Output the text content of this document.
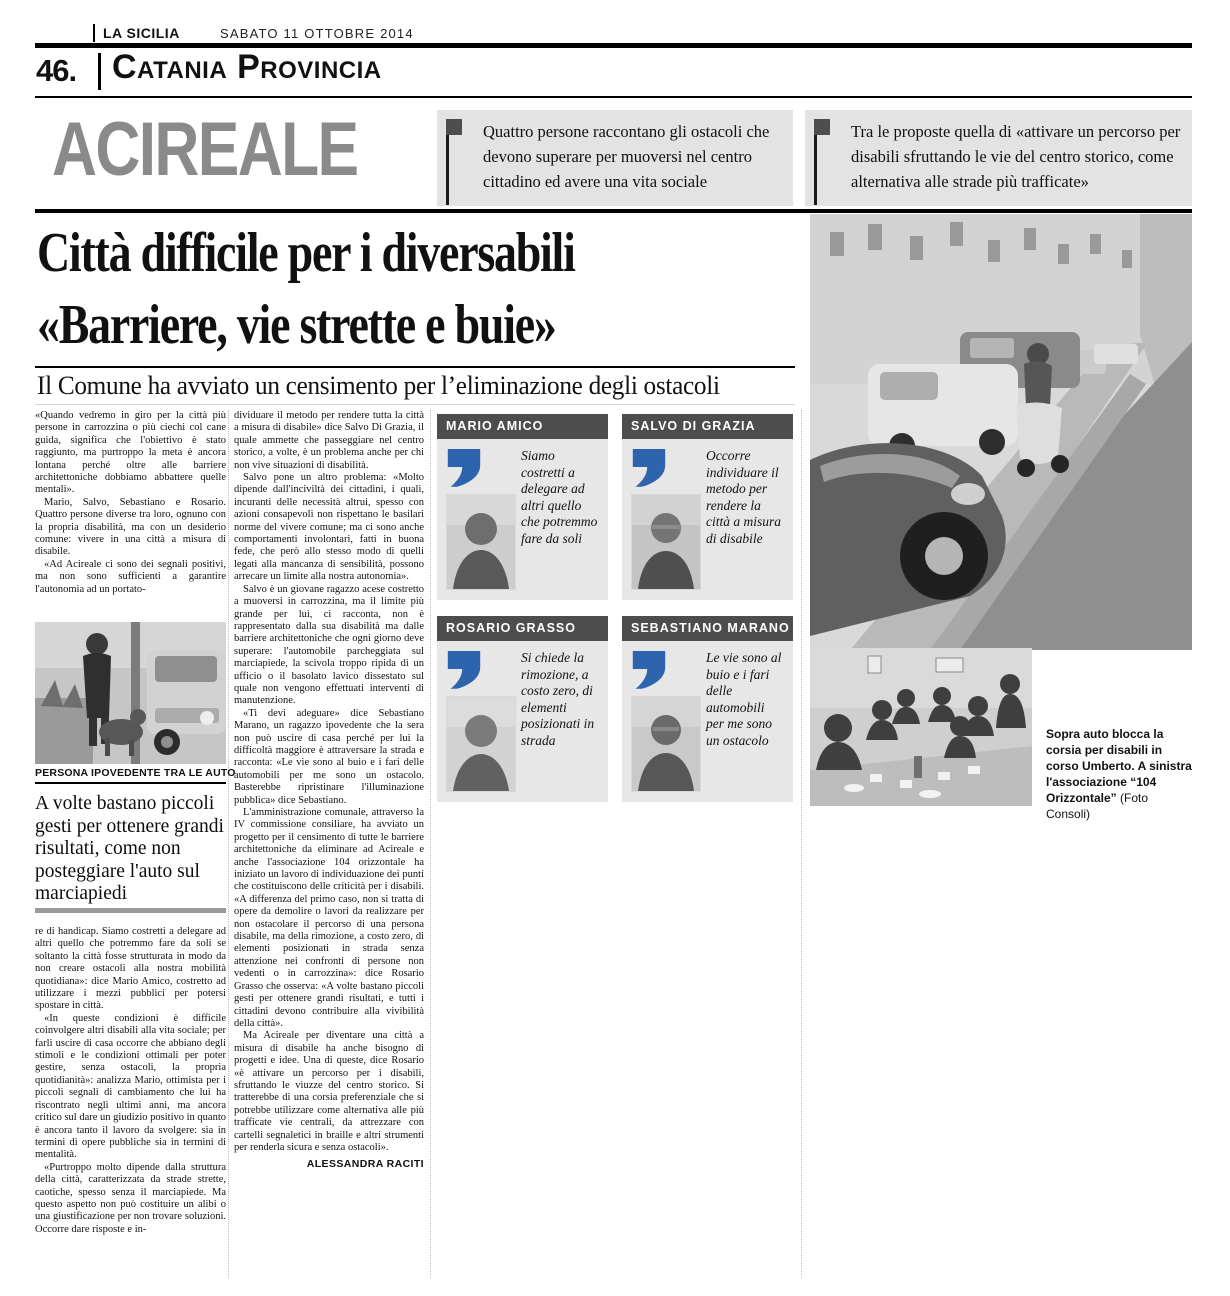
LA SICILIA	SABATO 11 OTTOBRE 2014
46. Catania Provincia
ACIREALE	Quattro persone raccontano gli ostacoli che devono superare per muoversi nel centro cittadino ed avere una vita sociale
Tra le proposte quella di «attivare un percorso per disabili sfruttando le vie del centro storico, come alternativa alle strade più trafficate»
Città difficile per i diversabili
«Barriere, vie strette e buie»
Il Comune ha avviato un censimento per l’eliminazione degli ostacoli

«Quando vedremo in giro per la città più persone in carrozzina o più ciechi col cane guida, significa che l'obiettivo è stato raggiunto, ma purtroppo la meta è ancora lontana perché oltre alle barriere architettoniche dobbiamo abbattere quelle mentali».

Mario, Salvo, Sebastiano e Rosario. Quattro persone diverse tra loro, ognuno con la propria disabilità, ma con un desiderio comune: vivere in una città a misura di disabile.

«Ad Acireale ci sono dei segnali positivi, ma non sono sufficienti a garantire l'autonomia ad un portato-

PERSONA IPOVEDENTE TRA LE AUTO
A volte bastano piccoli gesti per ottenere grandi risultati, come non posteggiare l'auto sul marciapiedi

re di handicap. Siamo costretti a delegare ad altri quello che potremmo fare da soli se soltanto la città fosse strutturata in modo da non creare ostacoli alla nostra mobilità quotidiana»: dice Mario Amico, costretto ad utilizzare i mezzi pubblici per potersi spostare in città.

«In queste condizioni è difficile coinvolgere altri disabili alla vita sociale; per farli uscire di casa occorre che abbiano degli stimoli e le condizioni ottimali per poter gestire, senza ostacoli, la propria quotidianità»: analizza Mario, ottimista per i piccoli segnali di cambiamento che lui ha riscontrato negli ultimi anni, ma ancora critico sul dare un giudizio positivo in quanto è ancora tanto il lavoro da svolgere: sia in termini di opere pubbliche sia in termini di mentalità.

«Purtroppo molto dipende dalla struttura della città, caratterizzata da strade strette, caotiche, spesso senza il marciapiede. Ma questo aspetto non può costituire un alibi o una giustificazione per non trovare soluzioni. Occorre dare risposte e in-

dividuare il metodo per rendere tutta la città a misura di disabile» dice Salvo Di Grazia, il quale ammette che passeggiare nel centro storico, a volte, è un problema anche per chi non vive situazioni di disabilità.

Salvo pone un altro problema: «Molto dipende dall'inciviltà dei cittadini, i quali, incuranti delle necessità altrui, spesso con azioni consapevoli non rispettano le basilari norme del vivere comune; ma ci sono anche comportamenti involontari, fatti in buona fede, che però allo stesso modo di quelli legati alla mancanza di sensibilità, possono arrecare un limite alla nostra autonomia».

Salvo è un giovane ragazzo acese costretto a muoversi in carrozzina, ma il limite più grande per lui, ci racconta, non è rappresentato dalla sua disabilità ma dalle barriere architettoniche che ogni giorno deve superare: l'automobile parcheggiata sul marciapiede, la scivola troppo ripida di un ufficio o il basolato lavico dissestato sul quale non vengono effettuati interventi di manutenzione.

«Ti devi adeguare» dice Sebastiano Marano, un ragazzo ipovedente che la sera non può uscire di casa perché per lui la difficoltà maggiore è attraversare la strada e racconta: «Le vie sono al buio e i fari delle automobili per me sono un ostacolo. Basterebbe ripristinare l'illuminazione pubblica» dice Sebastiano.

L'amministrazione comunale, attraverso la IV commissione consiliare, ha avviato un progetto per il censimento di tutte le barriere architettoniche da eliminare ad Acireale e anche l'associazione 104 orizzontale ha iniziato un lavoro di individuazione dei punti che costituiscono delle criticità per i disabili. «A differenza del primo caso, non si tratta di opere da demolire o lavori da realizzare per non ostacolare il percorso di una persona disabile, ma della rimozione, a costo zero, di elementi posizionati in strada senza attenzione nei confronti di persone non vedenti o in carrozzina»: dice Rosario Grasso che osserva: «A volte bastano piccoli gesti per ottenere grandi risultati, e tutti i cittadini devono contribuire alla vivibilità della città».

Ma Acireale per diventare una città a misura di disabile ha anche bisogno di progetti e idee. Una di queste, dice Rosario «è attivare un percorso per i disabili, sfruttando le viuzze del centro storico. Si tratterebbe di una corsia preferenziale che si potrebbe utilizzare come alternativa alle più trafficate vie centrali, da attrezzare con cartelli segnaletici in braille e altri strumenti per renderla sicura e senza ostacoli».

ALESSANDRA RACITI
MARIO AMICO
Siamo costretti a delegare ad altri quello che potremmo fare da soli
SALVO DI GRAZIA
Occorre individuare il metodo per rendere la città a misura di disabile
ROSARIO GRASSO
Si chiede la rimozione, a costo zero, di elementi posizionati in strada
SEBASTIANO MARANO
Le vie sono al buio e i fari delle automobili per me sono un ostacolo	Sopra auto blocca la corsia per disabili in corso Umberto. A sinistra l'associazione “104 Orizzontale” (Foto Consoli)
